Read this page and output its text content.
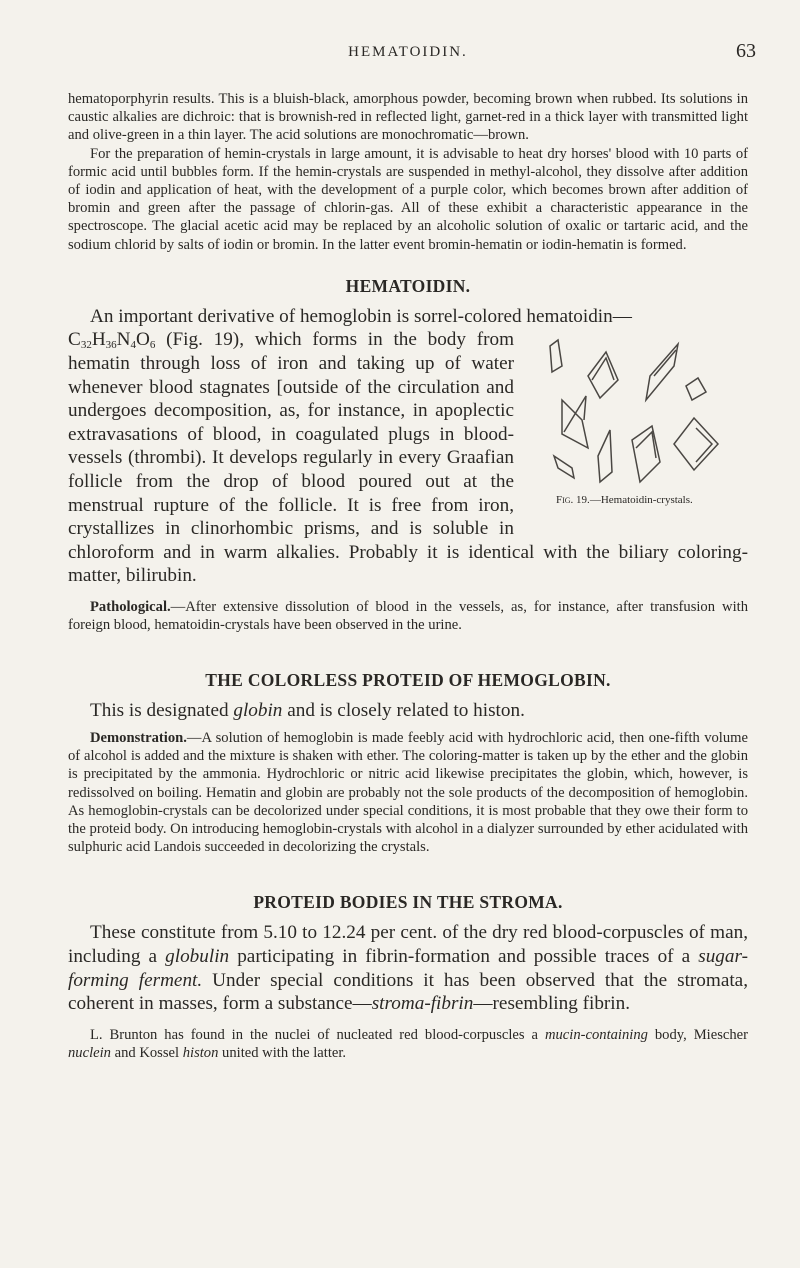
HEMATOIDIN.	63

hematoporphyrin results. This is a bluish-black, amorphous powder, becoming brown when rubbed. Its solutions in caustic alkalies are dichroic: that is brownish-red in reflected light, garnet-red in a thick layer with transmitted light and olive-green in a thin layer. The acid solutions are monochromatic—brown.

For the preparation of hemin-crystals in large amount, it is advisable to heat dry horses' blood with 10 parts of formic acid until bubbles form. If the hemin-crystals are suspended in methyl-alcohol, they dissolve after addition of iodin and application of heat, with the development of a purple color, which becomes brown after addition of bromin and green after the passage of chlorin-gas. All of these exhibit a characteristic appearance in the spectroscope. The glacial acetic acid may be replaced by an alcoholic solution of oxalic or tartaric acid, and the sodium chlorid by salts of iodin or bromin. In the latter event bromin-hematin or iodin-hematin is formed.

HEMATOIDIN.

An important derivative of hemoglobin is sorrel-colored hematoidin—
$C_{32}H_{36}N_4O_6$
Fig. 19.—Hematoidin-crystals.
(Fig. 19), which forms in the body from hematin through loss of iron and taking up of water whenever blood stagnates [outside of the circulation and undergoes decomposition, as, for instance, in apoplectic extravasations of blood, in coagulated plugs in blood-vessels (thrombi). It develops regularly in every Graafian follicle from the drop of blood poured out at the menstrual rupture of the follicle. It is free from iron, crystallizes in clinorhombic prisms, and is soluble in chloroform and in warm alkalies. Probably it is identical with the biliary coloring-matter, bilirubin.

Pathological.—After extensive dissolution of blood in the vessels, as, for instance, after transfusion with foreign blood, hematoidin-crystals have been observed in the urine.

THE COLORLESS PROTEID OF HEMOGLOBIN.

This is designated globin and is closely related to histon.

Demonstration.—A solution of hemoglobin is made feebly acid with hydrochloric acid, then one-fifth volume of alcohol is added and the mixture is shaken with ether. The coloring-matter is taken up by the ether and the globin is precipitated by the ammonia. Hydrochloric or nitric acid likewise precipitates the globin, which, however, is redissolved on boiling. Hematin and globin are probably not the sole products of the decomposition of hemoglobin. As hemoglobin-crystals can be decolorized under special conditions, it is most probable that they owe their form to the proteid body. On introducing hemoglobin-crystals with alcohol in a dialyzer surrounded by ether acidulated with sulphuric acid Landois succeeded in decolorizing the crystals.

PROTEID BODIES IN THE STROMA.

These constitute from 5.10 to 12.24 per cent. of the dry red blood-corpuscles of man, including a globulin participating in fibrin-formation and possible traces of a sugar-forming ferment. Under special conditions it has been observed that the stromata, coherent in masses, form a substance—stroma-fibrin—resembling fibrin.

L. Brunton has found in the nuclei of nucleated red blood-corpuscles a mucin-containing body, Miescher nuclein and Kossel histon united with the latter.
